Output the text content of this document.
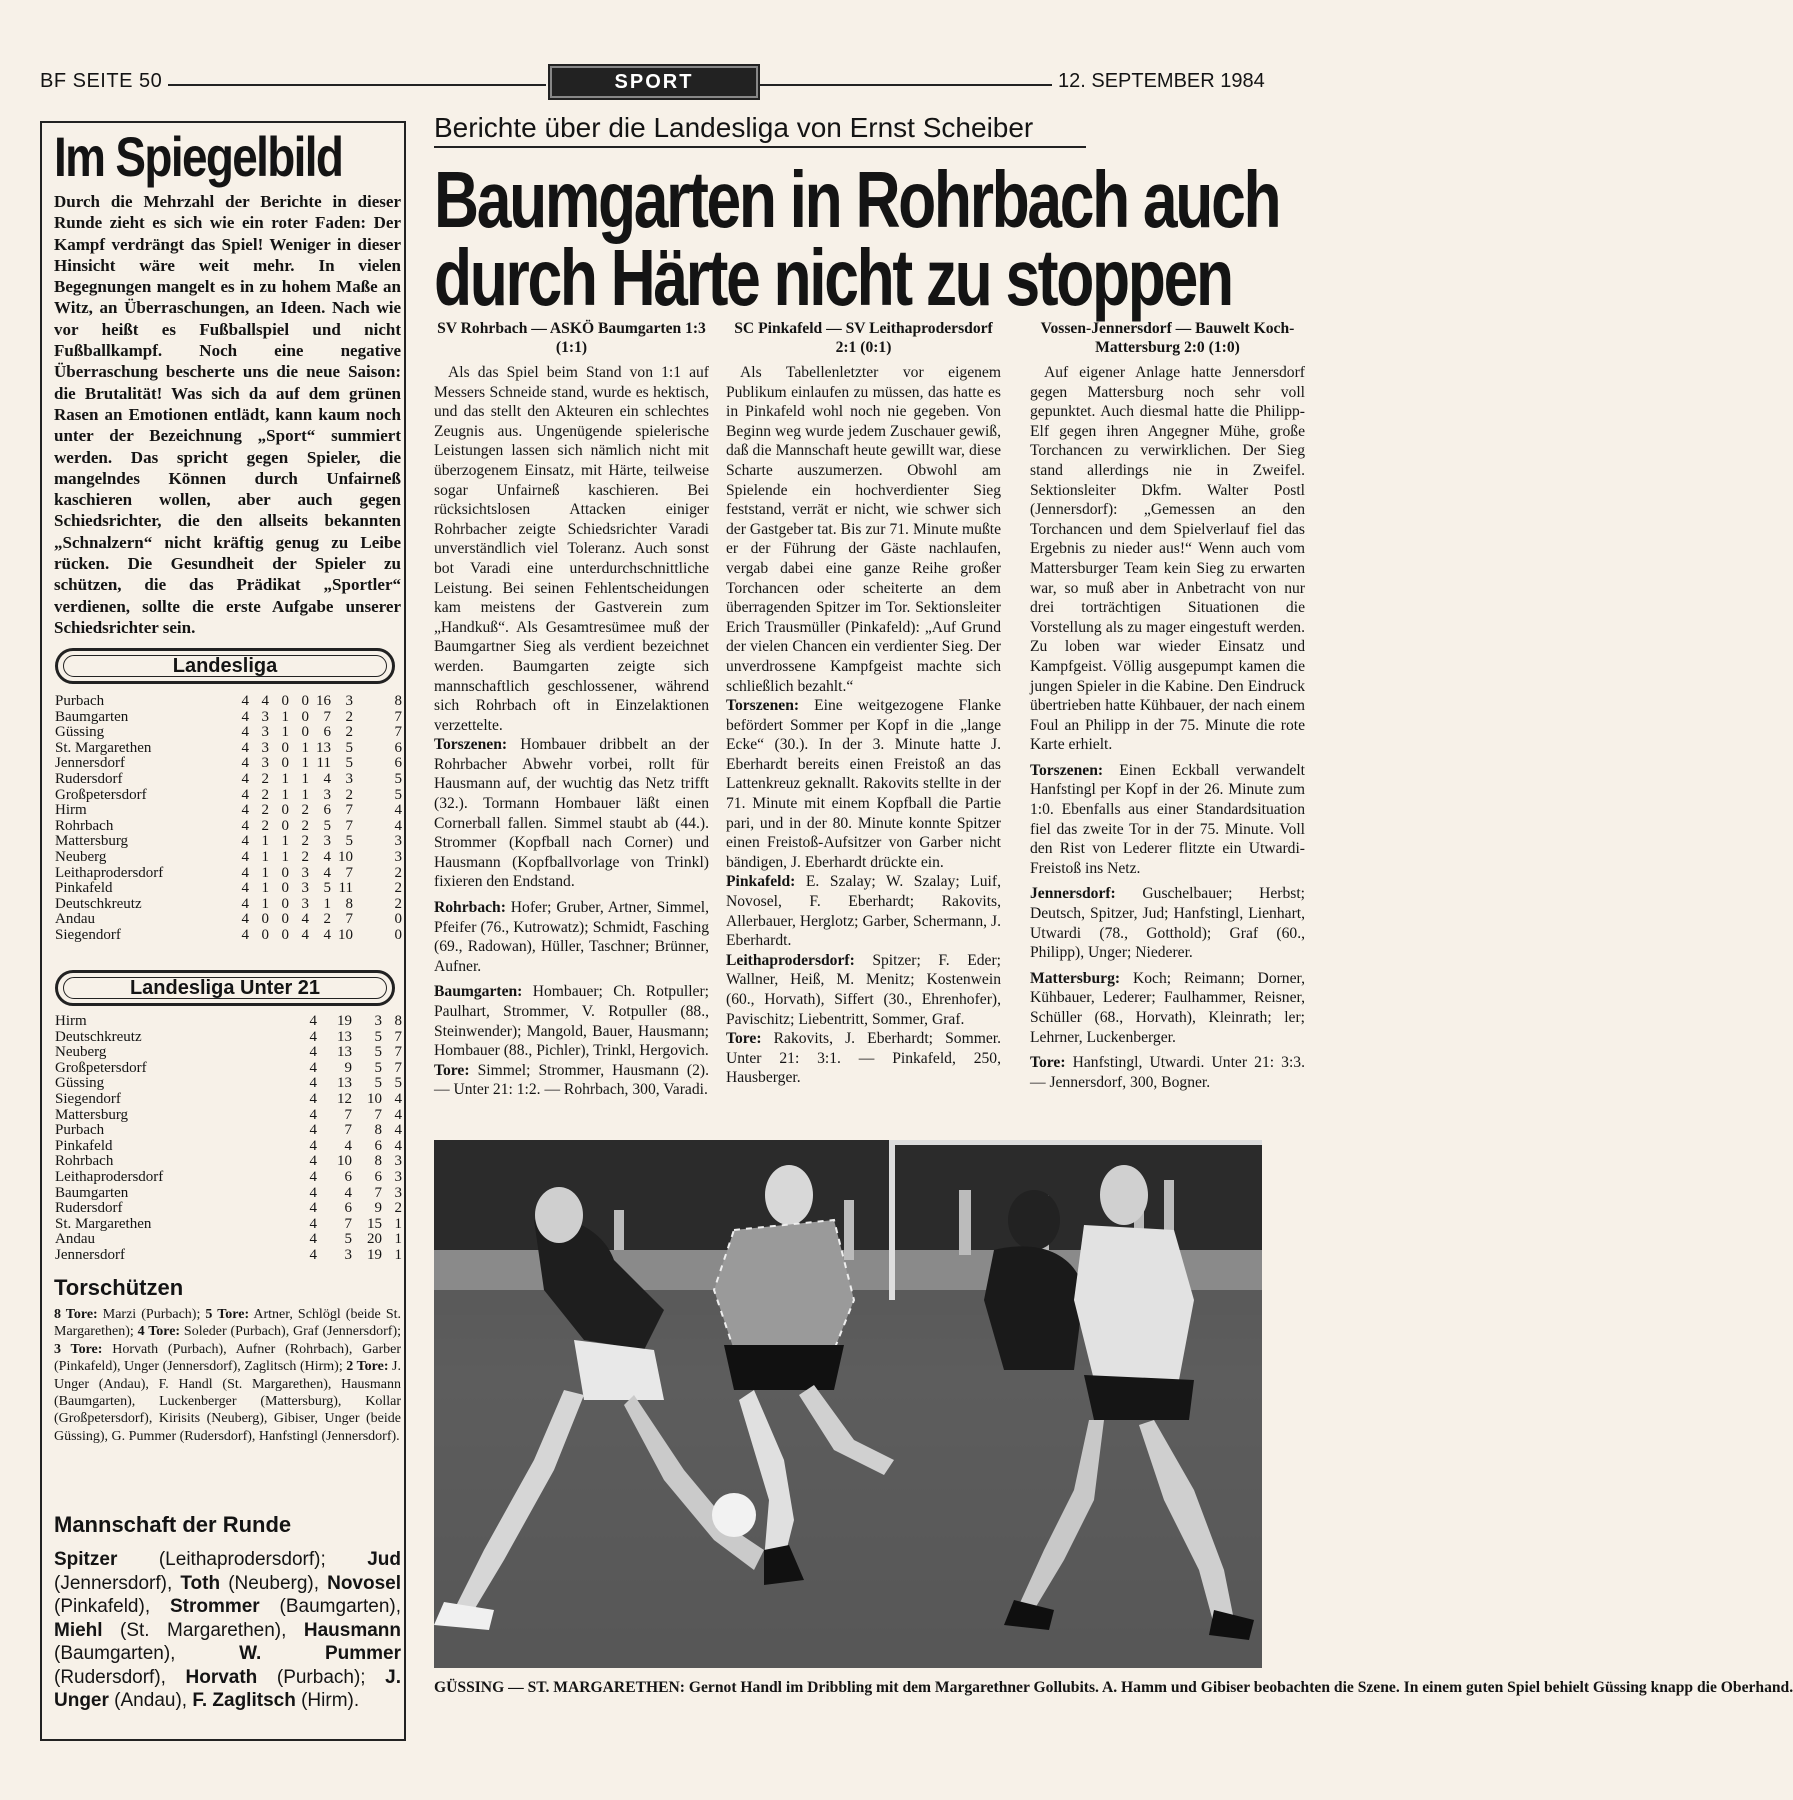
BF SEITE 50	SPORT	12. SEPTEMBER 1984
Im Spiegelbild
Durch die Mehrzahl der Berichte in dieser Runde zieht es sich wie ein roter Faden: Der Kampf verdrängt das Spiel! Weniger in dieser Hinsicht wäre weit mehr. In vielen Begegnungen mangelt es in zu hohem Maße an Witz, an Überraschungen, an Ideen. Nach wie vor heißt es Fußballspiel und nicht Fußballkampf. Noch eine negative Überraschung bescherte uns die neue Saison: die Brutalität! Was sich da auf dem grünen Rasen an Emotionen entlädt, kann kaum noch unter der Bezeichnung „Sport“ summiert werden. Das spricht gegen Spieler, die mangelndes Können durch Unfairneß kaschieren wollen, aber auch gegen Schiedsrichter, die den allseits bekannten „Schnalzern“ nicht kräftig genug zu Leibe rücken. Die Gesundheit der Spieler zu schützen, die das Prädikat „Sportler“ verdienen, sollte die erste Aufgabe unserer Schiedsrichter sein.
Landesliga
Purbach	4 4 0 0 16 3	8
Baumgarten	4 3 1 0 7 2	7
Güssing	4 3 1 0 6 2	7
St. Margarethen	4 3 0 1 13 5	6
Jennersdorf	4 3 0 1 11 5	6
Rudersdorf	4 2 1 1 4 3	5
Großpetersdorf	4 2 1 1 3 2	5
Hirm	4 2 0 2 6 7	4
Rohrbach	4 2 0 2 5 7	4
Mattersburg	4 1 1 2 3 5	3
Neuberg	4 1 1 2 4 10	3
Leithaprodersdorf	4 1 0 3 4 7	2
Pinkafeld	4 1 0 3 5 11	2
Deutschkreutz	4 1 0 3 1 8	2
Andau	4 0 0 4 2 7	0
Siegendorf	4 0 0 4 4 10	0
Landesliga Unter 21
Hirm	4	19	3 8
Deutschkreutz	4	13	5 7
Neuberg	4	13	5 7
Großpetersdorf	4	9	5 7
Güssing	4	13	5 5
Siegendorf	4	12	10 4
Mattersburg	4	7	7 4
Purbach	4	7	8 4
Pinkafeld	4	4	6 4
Rohrbach	4	10	8 3
Leithaprodersdorf	4	6	6 3
Baumgarten	4	4	7 3
Rudersdorf	4	6	9 2
St. Margarethen	4	7	15 1
Andau	4	5	20 1
Jennersdorf	4	3	19 1
Torschützen
8 Tore: Marzi (Purbach); 5 Tore: Artner, Schlögl (beide St. Margarethen); 4 Tore: Soleder (Purbach), Graf (Jennersdorf); 3 Tore: Horvath (Purbach), Aufner (Rohrbach), Garber (Pinkafeld), Unger (Jennersdorf), Zaglitsch (Hirm); 2 Tore: J. Unger (Andau), F. Handl (St. Margarethen), Hausmann (Baumgarten), Luckenberger (Mattersburg), Kollar (Großpetersdorf), Kirisits (Neuberg), Gibiser, Unger (beide Güssing), G. Pummer (Rudersdorf), Hanfstingl (Jennersdorf).
Mannschaft der Runde
Spitzer (Leithaprodersdorf); Jud (Jennersdorf), Toth (Neuberg), Novosel (Pinkafeld), Strommer (Baumgarten), Miehl (St. Margarethen), Hausmann (Baumgarten), W. Pummer (Rudersdorf), Horvath (Purbach); J. Unger (Andau), F. Zaglitsch (Hirm).
Berichte über die Landesliga von Ernst Scheiber
Baumgarten in Rohrbach auch
durch Härte nicht zu stoppen
SV Rohrbach — ASKÖ Baumgarten 1:3 (1:1)

Als das Spiel beim Stand von 1:1 auf Messers Schneide stand, wurde es hektisch, und das stellt den Akteuren ein schlechtes Zeugnis aus. Ungenügende spielerische Leistungen lassen sich nämlich nicht mit überzogenem Einsatz, mit Härte, teilweise sogar Unfairneß kaschieren. Bei rücksichtslosen Attacken einiger Rohrbacher zeigte Schiedsrichter Varadi unverständlich viel Toleranz. Auch sonst bot Varadi eine unterdurchschnittliche Leistung. Bei seinen Fehlentscheidungen kam meistens der Gastverein zum „Handkuß“. Als Gesamtresümee muß der Baumgartner Sieg als verdient bezeichnet werden. Baumgarten zeigte sich mannschaftlich geschlossener, während sich Rohrbach oft in Einzelaktionen verzettelte.

Torszenen: Hombauer dribbelt an der Rohrbacher Abwehr vorbei, rollt für Hausmann auf, der wuchtig das Netz trifft (32.). Tormann Hombauer läßt einen Cornerball fallen. Simmel staubt ab (44.). Strommer (Kopfball nach Corner) und Hausmann (Kopfballvorlage von Trinkl) fixieren den Endstand.

Rohrbach: Hofer; Gruber, Artner, Simmel, Pfeifer (76., Kutrowatz); Schmidt, Fasching (69., Radowan), Hüller, Taschner; Brünner, Aufner.

Baumgarten: Hombauer; Ch. Rotpuller; Paulhart, Strommer, V. Rotpuller (88., Steinwender); Mangold, Bauer, Hausmann; Hombauer (88., Pichler), Trinkl, Hergovich.

Tore: Simmel; Strommer, Hausmann (2). — Unter 21: 1:2. — Rohrbach, 300, Varadi.

SC Pinkafeld — SV Leithaprodersdorf 2:1 (0:1)

Als Tabellenletzter vor eigenem Publikum einlaufen zu müssen, das hatte es in Pinkafeld wohl noch nie gegeben. Von Beginn weg wurde jedem Zuschauer gewiß, daß die Mannschaft heute gewillt war, diese Scharte auszumerzen. Obwohl am Spielende ein hochverdienter Sieg feststand, verrät er nicht, wie schwer sich der Gastgeber tat. Bis zur 71. Minute mußte er der Führung der Gäste nachlaufen, vergab dabei eine ganze Reihe großer Torchancen oder scheiterte an dem überragenden Spitzer im Tor. Sektionsleiter Erich Trausmüller (Pinkafeld): „Auf Grund der vielen Chancen ein verdienter Sieg. Der unverdrossene Kampfgeist machte sich schließlich bezahlt.“

Torszenen: Eine weitgezogene Flanke befördert Sommer per Kopf in die „lange Ecke“ (30.). In der 3. Minute hatte J. Eberhardt bereits einen Freistoß an das Lattenkreuz geknallt. Rakovits stellte in der 71. Minute mit einem Kopfball die Partie pari, und in der 80. Minute konnte Spitzer einen Freistoß-Aufsitzer von Garber nicht bändigen, J. Eberhardt drückte ein.

Pinkafeld: E. Szalay; W. Szalay; Luif, Novosel, F. Eberhardt; Rakovits, Allerbauer, Herglotz; Garber, Schermann, J. Eberhardt.

Leithaprodersdorf: Spitzer; F. Eder; Wallner, Heiß, M. Menitz; Kostenwein (60., Horvath), Siffert (30., Ehrenhofer), Pavischitz; Liebentritt, Sommer, Graf.

Tore: Rakovits, J. Eberhardt; Sommer. Unter 21: 3:1. — Pinkafeld, 250, Hausberger.

Vossen-Jennersdorf — Bauwelt Koch-Mattersburg 2:0 (1:0)

Auf eigener Anlage hatte Jennersdorf gegen Mattersburg noch sehr voll gepunktet. Auch diesmal hatte die Philipp-Elf gegen ihren Angegner Mühe, große Torchancen zu verwirklichen. Der Sieg stand allerdings nie in Zweifel. Sektionsleiter Dkfm. Walter Postl (Jennersdorf): „Gemessen an den Torchancen und dem Spielverlauf fiel das Ergebnis zu nieder aus!“ Wenn auch vom Mattersburger Team kein Sieg zu erwarten war, so muß aber in Anbetracht von nur drei torträchtigen Situationen die Vorstellung als zu mager eingestuft werden. Zu loben war wieder Einsatz und Kampfgeist. Völlig ausgepumpt kamen die jungen Spieler in die Kabine. Den Eindruck übertrieben hatte Kühbauer, der nach einem Foul an Philipp in der 75. Minute die rote Karte erhielt.

Torszenen: Einen Eckball verwandelt Hanfstingl per Kopf in der 26. Minute zum 1:0. Ebenfalls aus einer Standardsituation fiel das zweite Tor in der 75. Minute. Voll den Rist von Lederer flitzte ein Utwardi-Freistoß ins Netz.

Jennersdorf: Guschelbauer; Herbst; Deutsch, Spitzer, Jud; Hanfstingl, Lienhart, Utwardi (78., Gotthold); Graf (60., Philipp), Unger; Niederer.

Mattersburg: Koch; Reimann; Dorner, Kühbauer, Lederer; Faulhammer, Reisner, Schüller (68., Horvath), Kleinrath; ler; Lehrner, Luckenberger.

Tore: Hanfstingl, Utwardi. Unter 21: 3:3. — Jennersdorf, 300, Bogner.

GÜSSING — ST. MARGARETHEN: Gernot Handl im Dribbling mit dem Margarethner Gollubits. A. Hamm und Gibiser beobachten die Szene. In einem guten Spiel behielt Güssing knapp die Oberhand.
